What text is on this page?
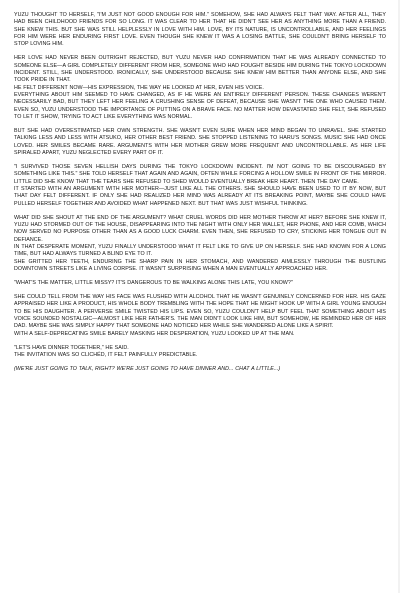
YUZU THOUGHT TO HERSELF, "I'M JUST NOT GOOD ENOUGH FOR HIM." SOMEHOW, SHE HAD ALWAYS FELT THAT WAY. AFTER ALL, THEY HAD BEEN CHILDHOOD FRIENDS FOR SO LONG. IT WAS CLEAR TO HER THAT HE DIDN'T SEE HER AS ANYTHING MORE THAN A FRIEND. SHE KNEW THIS. BUT SHE WAS STILL HELPLESSLY IN LOVE WITH HIM. LOVE, BY ITS NATURE, IS UNCONTROLLABLE, AND HER FEELINGS FOR HIM WERE HER ENDURING FIRST LOVE. EVEN THOUGH SHE KNEW IT WAS A LOSING BATTLE, SHE COULDN'T BRING HERSELF TO STOP LOVING HIM.

HER LOVE HAD NEVER BEEN OUTRIGHT REJECTED, BUT YUZU NEVER HAD CONFIRMATION THAT HE WAS ALREADY CONNECTED TO SOMEONE ELSE—A GIRL COMPLETELY DIFFERENT FROM HER, SOMEONE WHO HAD FOUGHT BESIDE HIM DURING THE TOKYO LOCKDOWN INCIDENT. STILL, SHE UNDERSTOOD. IRONICALLY, SHE UNDERSTOOD BECAUSE SHE KNEW HIM BETTER THAN ANYONE ELSE, AND SHE TOOK PRIDE IN THAT.
HE FELT DIFFERENT NOW—HIS EXPRESSION, THE WAY HE LOOKED AT HER, EVEN HIS VOICE.
EVERYTHING ABOUT HIM SEEMED TO HAVE CHANGED, AS IF HE WERE AN ENTIRELY DIFFERENT PERSON. THESE CHANGES WEREN'T NECESSARILY BAD, BUT THEY LEFT HER FEELING A CRUSHING SENSE OF DEFEAT, BECAUSE SHE WASN'T THE ONE WHO CAUSED THEM. EVEN SO, YUZU UNDERSTOOD THE IMPORTANCE OF PUTTING ON A BRAVE FACE. NO MATTER HOW DEVASTATED SHE FELT, SHE REFUSED TO LET IT SHOW, TRYING TO ACT LIKE EVERYTHING WAS NORMAL.

BUT SHE HAD OVERESTIMATED HER OWN STRENGTH. SHE WASN'T EVEN SURE WHEN HER MIND BEGAN TO UNRAVEL. SHE STARTED TALKING LESS AND LESS WITH ATSUKO, HER OTHER BEST FRIEND. SHE STOPPED LISTENING TO HARU'S SONGS. MUSIC SHE HAD ONCE LOVED. HER SMILES BECAME RARE. ARGUMENTS WITH HER MOTHER GREW MORE FREQUENT AND UNCONTROLLABLE. AS HER LIFE SPIRALED APART, YUZU NEGLECTED EVERY PART OF IT.

"I SURVIVED THOSE SEVEN HELLISH DAYS DURING THE TOKYO LOCKDOWN INCIDENT. I'M NOT GOING TO BE DISCOURAGED BY SOMETHING LIKE THIS." SHE TOLD HERSELF THAT AGAIN AND AGAIN, OFTEN WHILE FORCING A HOLLOW SMILE IN FRONT OF THE MIRROR. LITTLE DID SHE KNOW THAT THE TEARS SHE REFUSED TO SHED WOULD EVENTUALLY BREAK HER HEART. THEN THE DAY CAME.
IT STARTED WITH AN ARGUMENT WITH HER MOTHER—JUST LIKE ALL THE OTHERS. SHE SHOULD HAVE BEEN USED TO IT BY NOW, BUT THAT DAY FELT DIFFERENT. IF ONLY SHE HAD REALIZED HER MIND WAS ALREADY AT ITS BREAKING POINT, MAYBE SHE COULD HAVE PULLED HERSELF TOGETHER AND AVOIDED WHAT HAPPENED NEXT. BUT THAT WAS JUST WISHFUL THINKING.

WHAT DID SHE SHOUT AT THE END OF THE ARGUMENT? WHAT CRUEL WORDS DID HER MOTHER THROW AT HER? BEFORE SHE KNEW IT, YUZU HAD STORMED OUT OF THE HOUSE, DISAPPEARING INTO THE NIGHT WITH ONLY HER WALLET, HER PHONE, AND HER COMB, WHICH NOW SERVED NO PURPOSE OTHER THAN AS A GOOD LUCK CHARM. EVEN THEN, SHE REFUSED TO CRY, STICKING HER TONGUE OUT IN DEFIANCE.
IN THAT DESPERATE MOMENT, YUZU FINALLY UNDERSTOOD WHAT IT FELT LIKE TO GIVE UP ON HERSELF. SHE HAD KNOWN FOR A LONG TIME, BUT HAD ALWAYS TURNED A BLIND EYE TO IT.
SHE GRITTED HER TEETH, ENDURING THE SHARP PAIN IN HER STOMACH, AND WANDERED AIMLESSLY THROUGH THE BUSTLING DOWNTOWN STREETS LIKE A LIVING CORPSE. IT WASN'T SURPRISING WHEN A MAN EVENTUALLY APPROACHED HER.

"WHAT'S THE MATTER, LITTLE MISSY? IT'S DANGEROUS TO BE WALKING ALONE THIS LATE, YOU KNOW?"

SHE COULD TELL FROM THE WAY HIS FACE WAS FLUSHED WITH ALCOHOL THAT HE WASN'T GENUINELY CONCERNED FOR HER. HIS GAZE APPRAISED HER LIKE A PRODUCT, HIS WHOLE BODY TREMBLING WITH THE HOPE THAT HE MIGHT HOOK UP WITH A GIRL YOUNG ENOUGH TO BE HIS DAUGHTER. A PERVERSE SMILE TWISTED HIS LIPS. EVEN SO, YUZU COULDN'T HELP BUT FEEL THAT SOMETHING ABOUT HIS VOICE SOUNDED NOSTALGIC—ALMOST LIKE HER FATHER'S. THE MAN DIDN'T LOOK LIKE HIM, BUT SOMEHOW, HE REMINDED HER OF HER DAD. MAYBE SHE WAS SIMPLY HAPPY THAT SOMEONE HAD NOTICED HER WHILE SHE WANDERED ALONE LIKE A SPIRIT.
WITH A SELF-DEPRECATING SMILE BARELY MASKING HER DESPERATION, YUZU LOOKED UP AT THE MAN.

"LET'S HAVE DINNER TOGETHER," HE SAID.
THE INVITATION WAS SO CLICHÉD, IT FELT PAINFULLY PREDICTABLE.

(WE'RE JUST GOING TO TALK, RIGHT? WE'RE JUST GOING TO HAVE DINNER AND... CHAT A LITTLE...)
